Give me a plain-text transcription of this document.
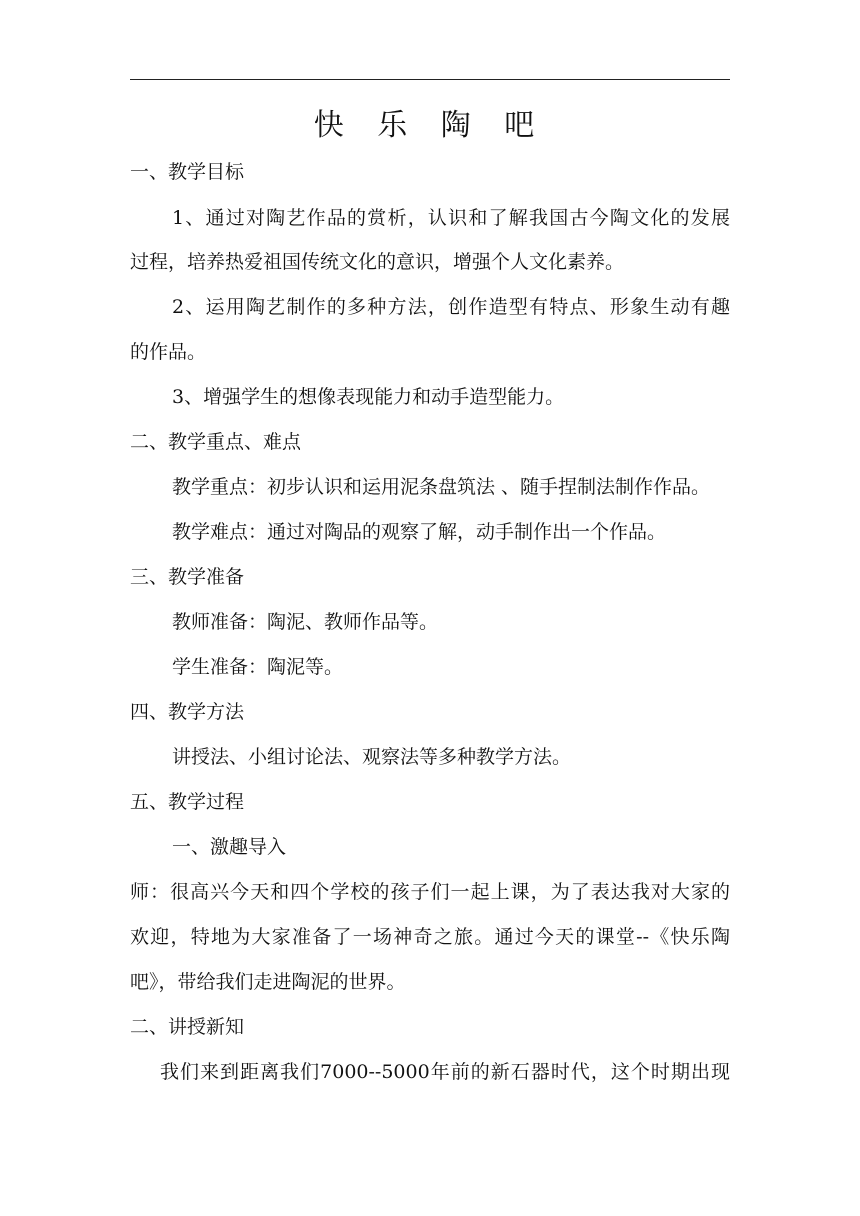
快 乐 陶 吧
一、教学目标
1、通过对陶艺作品的赏析，认识和了解我国古今陶文化的发展
过程，培养热爱祖国传统文化的意识，增强个人文化素养。
2、运用陶艺制作的多种方法，创作造型有特点、形象生动有趣
的作品。
3、增强学生的想像表现能力和动手造型能力。
二、教学重点、难点
教学重点：初步认识和运用泥条盘筑法 、随手捏制法制作作品。
教学难点：通过对陶品的观察了解，动手制作出一个作品。
三、教学准备
教师准备：陶泥、教师作品等。
学生准备：陶泥等。
四、教学方法
讲授法、小组讨论法、观察法等多种教学方法。
五、教学过程
一、激趣导入
师：很高兴今天和四个学校的孩子们一起上课，为了表达我对大家的
欢迎，特地为大家准备了一场神奇之旅。通过今天的课堂--《快乐陶
吧》，带给我们走进陶泥的世界。
二、讲授新知
我们来到距离我们7000--5000年前的新石器时代，这个时期出现
